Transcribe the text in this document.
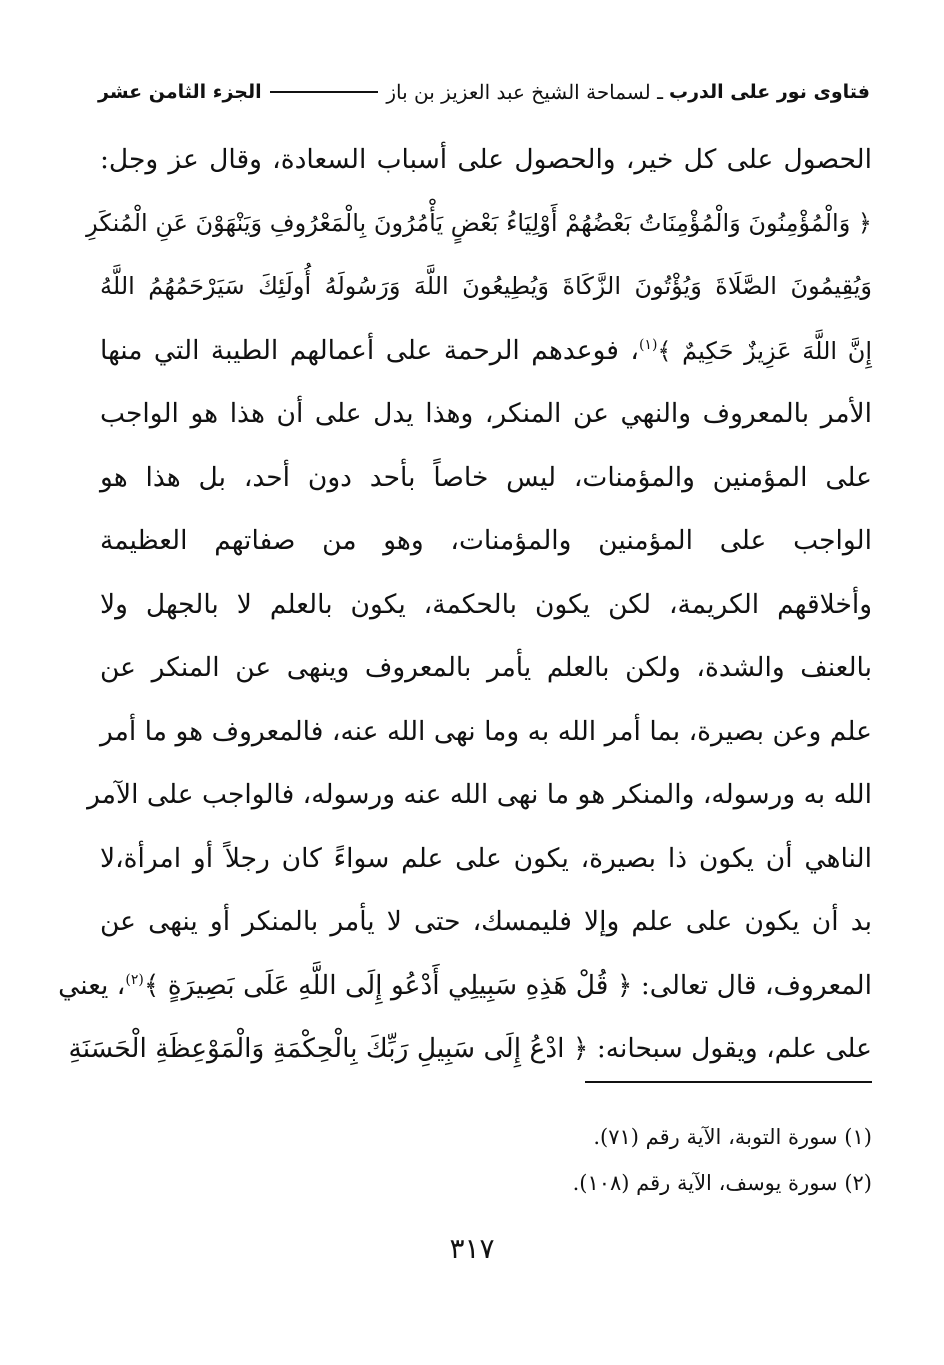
فتاوى نور على الدرب
ـ لسماحة الشيخ عبد العزيز بن باز
الجزء الثامن عشر
الحصول على كل خير، والحصول على أسباب السعادة، وقال عز وجل:
﴿ وَالْمُؤْمِنُونَ وَالْمُؤْمِنَاتُ بَعْضُهُمْ أَوْلِيَاءُ بَعْضٍ يَأْمُرُونَ بِالْمَعْرُوفِ وَيَنْهَوْنَ عَنِ الْمُنكَرِ
وَيُقِيمُونَ الصَّلَاةَ وَيُؤْتُونَ الزَّكَاةَ وَيُطِيعُونَ اللَّهَ وَرَسُولَهُ أُولَئِكَ سَيَرْحَمُهُمُ اللَّهُ
إِنَّ اللَّهَ عَزِيزٌ حَكِيمٌ ﴾$^{(١)}$، فوعدهم الرحمة على أعمالهم الطيبة التي منها
الأمر بالمعروف والنهي عن المنكر، وهذا يدل على أن هذا هو الواجب
على المؤمنين والمؤمنات، ليس خاصاً بأحد دون أحد، بل هذا هو
الواجب على المؤمنين والمؤمنات، وهو من صفاتهم العظيمة
وأخلاقهم الكريمة، لكن يكون بالحكمة، يكون بالعلم لا بالجهل ولا
بالعنف والشدة، ولكن بالعلم يأمر بالمعروف وينهى عن المنكر عن
علم وعن بصيرة، بما أمر الله به وما نهى الله عنه، فالمعروف هو ما أمر
الله به ورسوله، والمنكر هو ما نهى الله عنه ورسوله، فالواجب على الآمر
الناهي أن يكون ذا بصيرة، يكون على علم سواءً كان رجلاً أو امرأة،لا
بد أن يكون على علم وإلا فليمسك، حتى لا يأمر بالمنكر أو ينهى عن
المعروف، قال تعالى: ﴿ قُلْ هَذِهِ سَبِيلِي أَدْعُو إِلَى اللَّهِ عَلَى بَصِيرَةٍ ﴾$^{(٢)}$، يعني
على علم، ويقول سبحانه: ﴿ ادْعُ إِلَى سَبِيلِ رَبِّكَ بِالْحِكْمَةِ وَالْمَوْعِظَةِ الْحَسَنَةِ
(١) سورة التوبة، الآية رقم (٧١).
(٢) سورة يوسف، الآية رقم (١٠٨).
٣١٧
